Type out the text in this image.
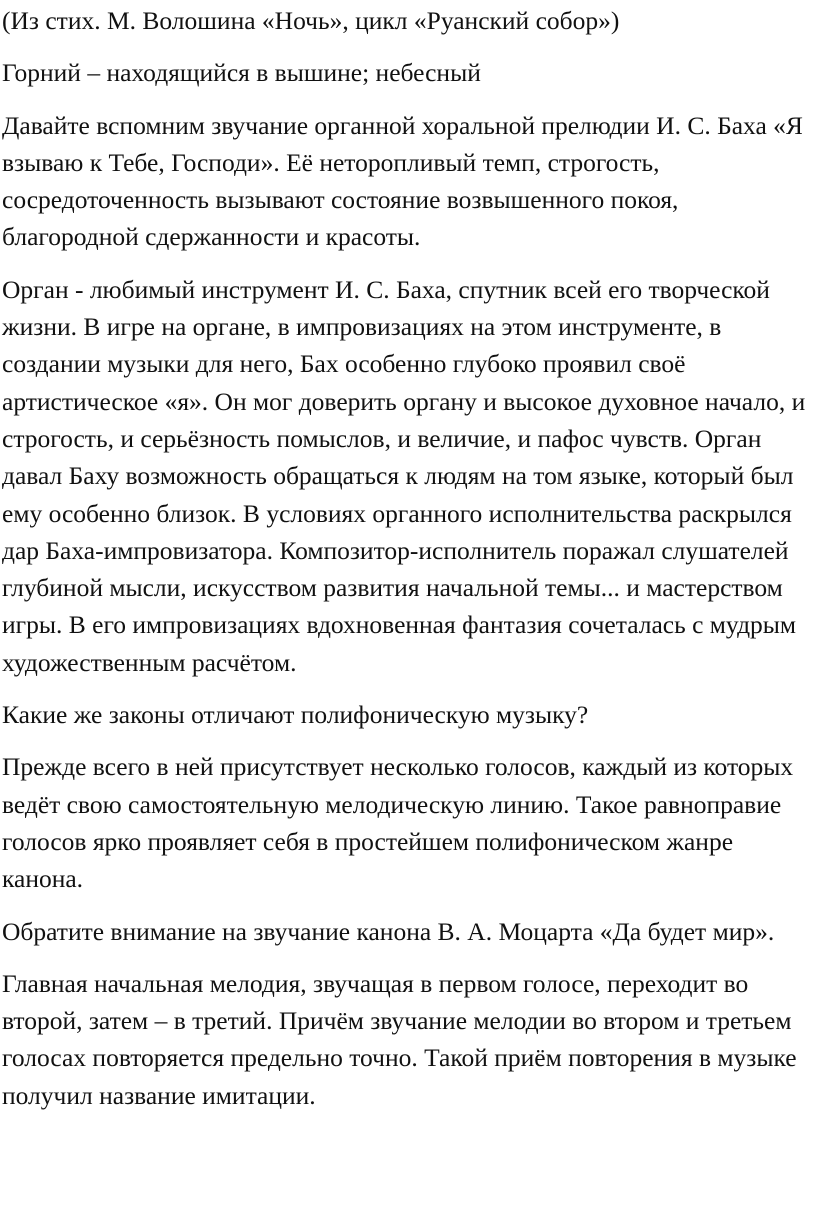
(Из стих. М. Волошина «Ночь», цикл «Руанский собор»)

Горний – находящийся в вышине; небесный

Давайте вспомним звучание органной хоральной прелюдии И. С. Баха «Я взываю к Тебе, Господи». Её неторопливый темп, строгость, сосредоточенность вызывают состояние возвышенного покоя, благородной сдержанности и красоты.

Орган - любимый инструмент И. С. Баха, спутник всей его творческой жизни. В игре на органе, в импровизациях на этом инструменте, в создании музыки для него, Бах особенно глубоко проявил своё артистическое «я». Он мог доверить органу и высокое духовное начало, и строгость, и серьёзность помыслов, и величие, и пафос чувств. Орган давал Баху возможность обращаться к людям на том языке, который был ему особенно близок. В условиях органного исполнительства раскрылся дар Баха-импровизатора. Композитор-исполнитель поражал слушателей глубиной мысли, искусством развития начальной темы... и мастерством игры. В его импровизациях вдохновенная фантазия сочеталась с мудрым художественным расчётом.

Какие же законы отличают полифоническую музыку?

Прежде всего в ней присутствует несколько голосов, каждый из которых ведёт свою самостоятельную мелодическую линию. Такое равноправие голосов ярко проявляет себя в простейшем полифоническом жанре канона.

Обратите внимание на звучание канона В. А. Моцарта «Да будет мир».

Главная начальная мелодия, звучащая в первом голосе, переходит во второй, затем – в третий. Причём звучание мелодии во втором и третьем голосах повторяется предельно точно. Такой приём повторения в музыке получил название имитации.
